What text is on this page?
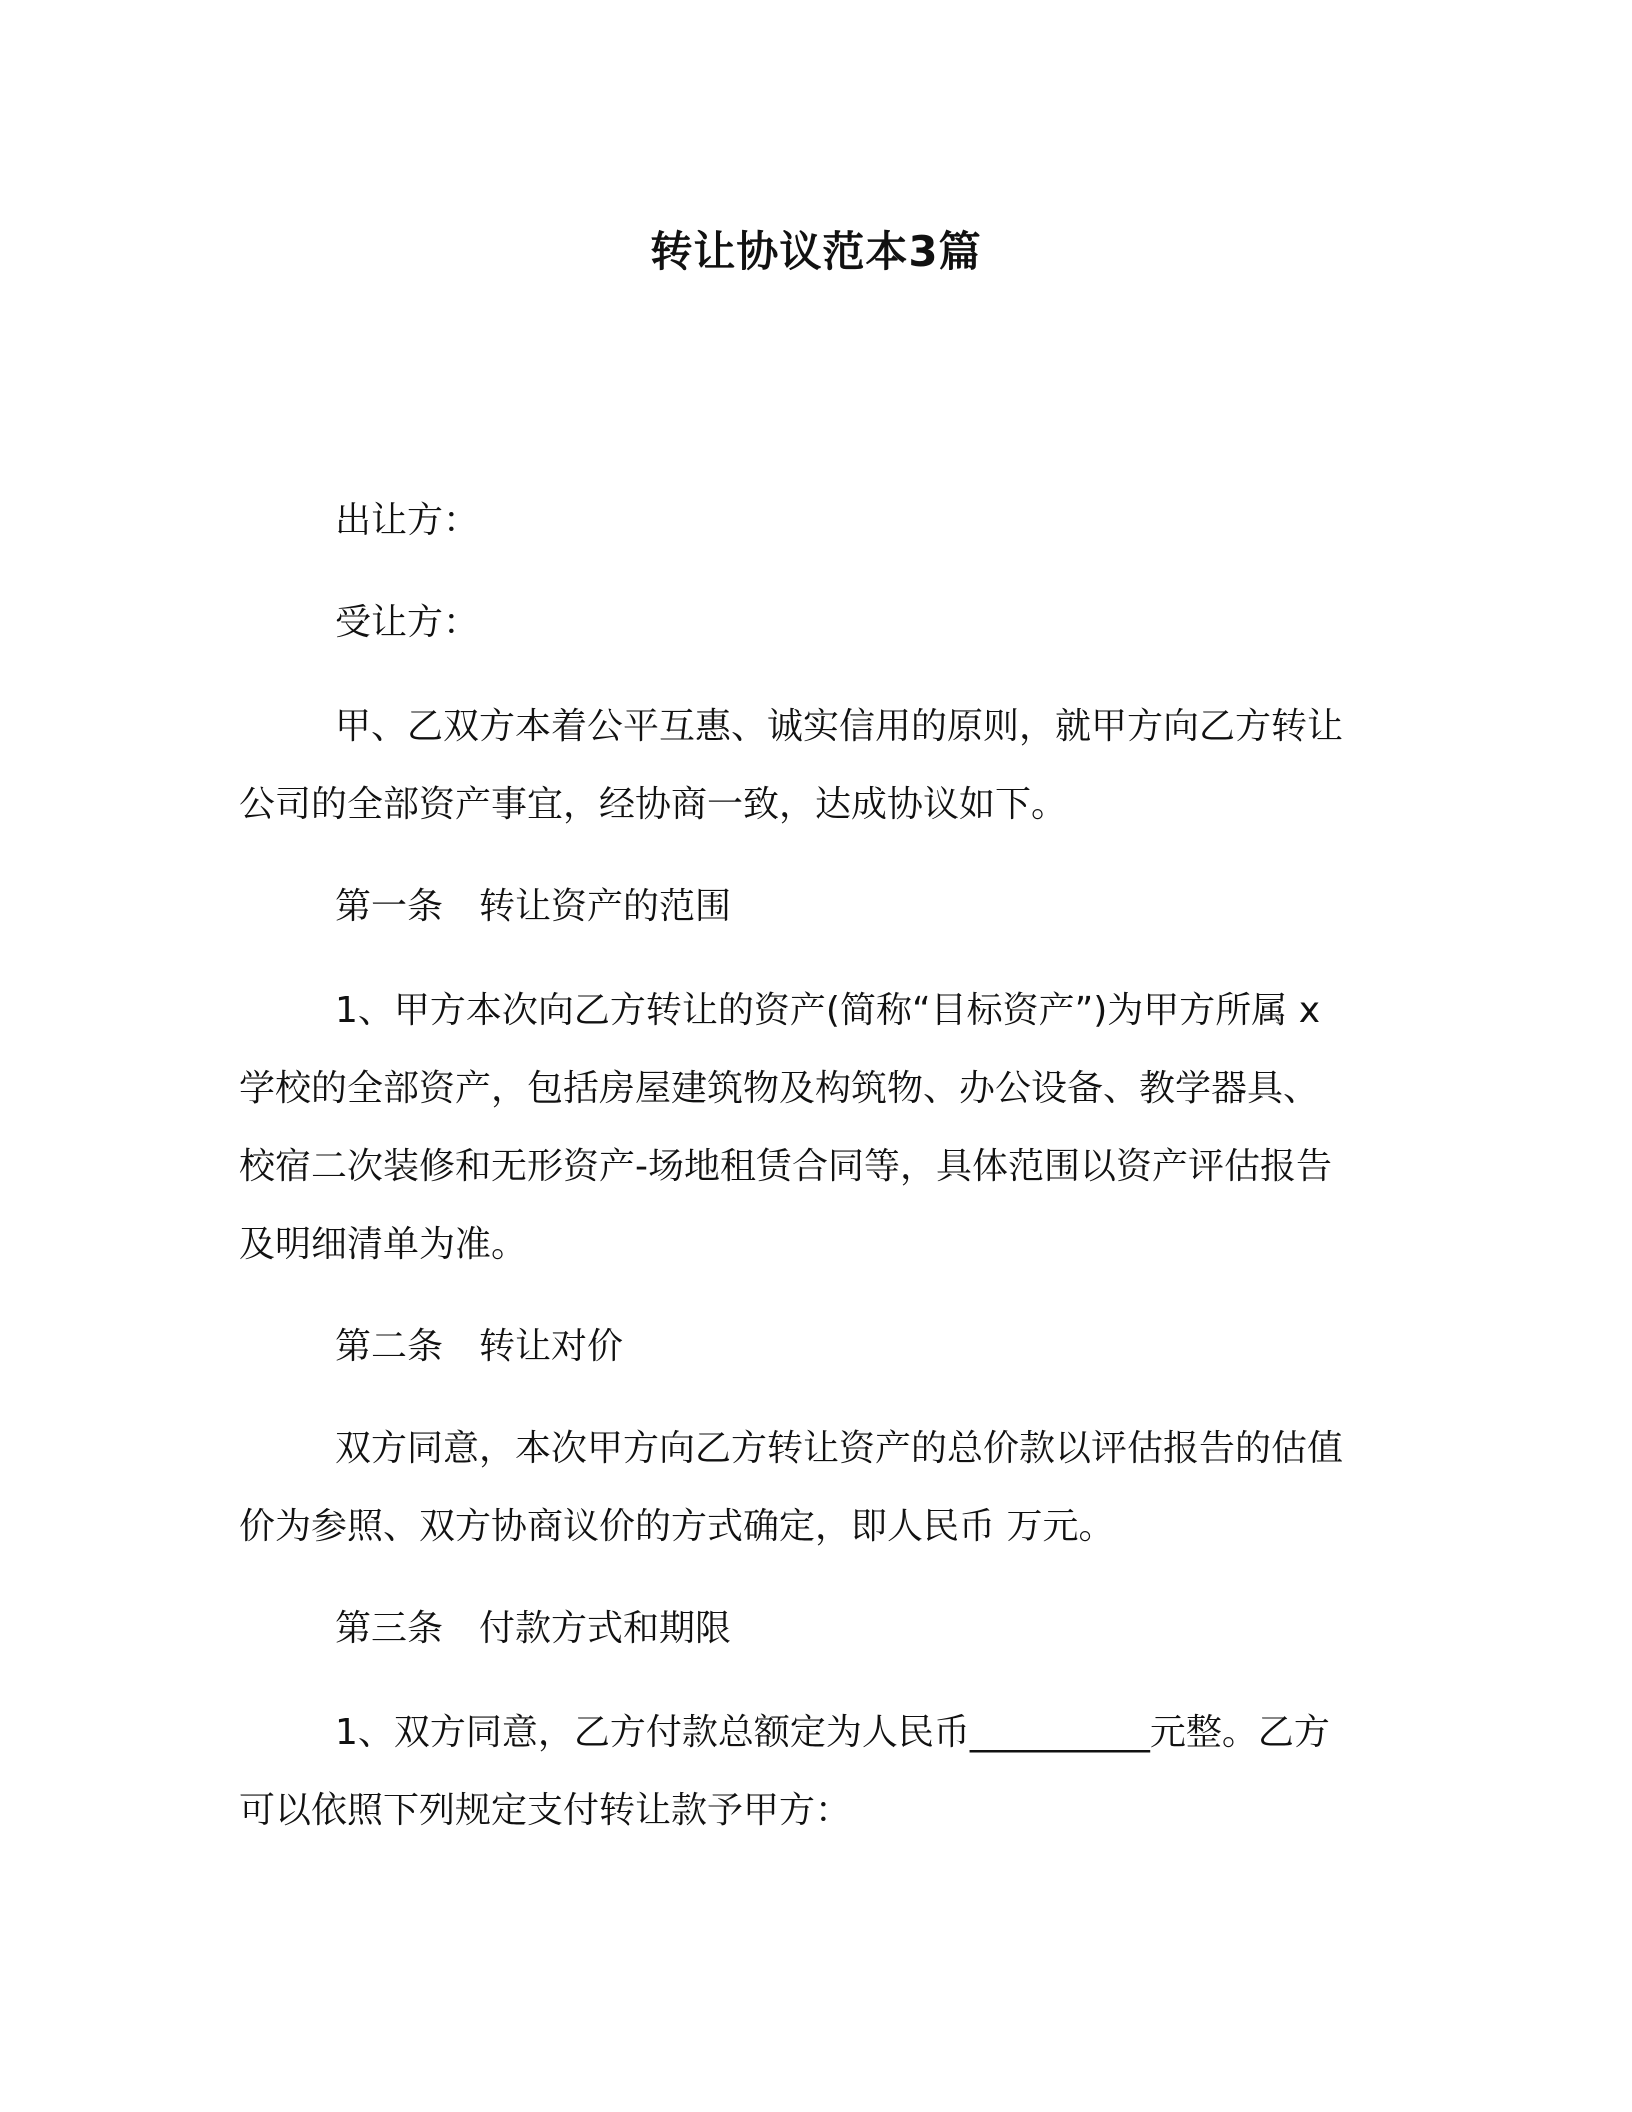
转让协议范本3篇
出让方：
受让方：
甲、乙双方本着公平互惠、诚实信用的原则，就甲方向乙方转让
公司的全部资产事宜，经协商一致，达成协议如下。
第一条　转让资产的范围
1、甲方本次向乙方转让的资产(简称“目标资产”)为甲方所属 x
学校的全部资产，包括房屋建筑物及构筑物、办公设备、教学器具、
校宿二次装修和无形资产-场地租赁合同等，具体范围以资产评估报告
及明细清单为准。
第二条　转让对价
双方同意，本次甲方向乙方转让资产的总价款以评估报告的估值
价为参照、双方协商议价的方式确定，即人民币 万元。
第三条　付款方式和期限
1、双方同意，乙方付款总额定为人民币__________元整。乙方
可以依照下列规定支付转让款予甲方：
